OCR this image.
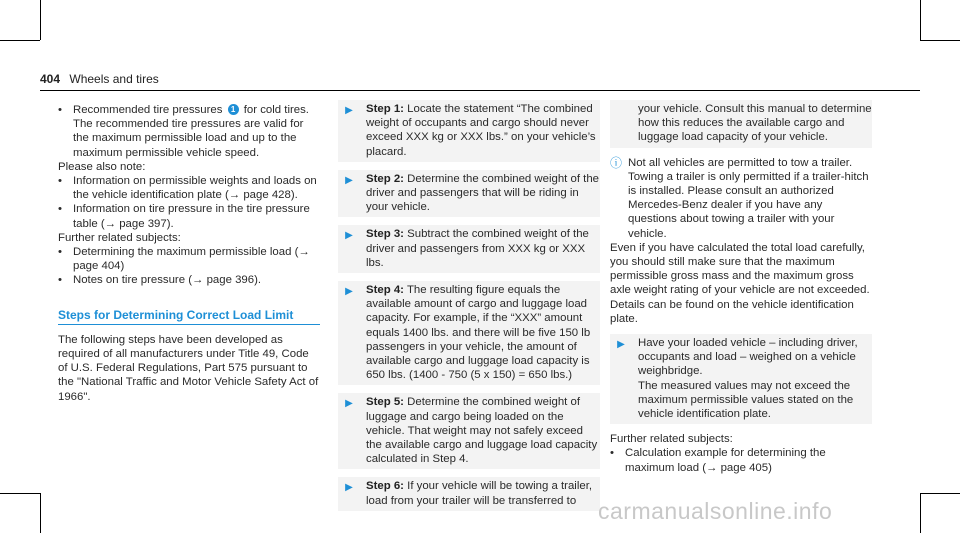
404 Wheels and tires

• Recommended tire pressures 1 for cold tires. The recommended tire pressures are valid for the maximum permissible load and up to the maximum permissible vehicle speed.

Please also note:

• Information on permissible weights and loads on the vehicle identification plate (→ page 428).

• Information on tire pressure in the tire pressure table (→ page 397).

Further related subjects:

• Determining the maximum permissible load (→ page 404)

• Notes on tire pressure (→ page 396).

Steps for Determining Correct Load Limit

The following steps have been developed as required of all manufacturers under Title 49, Code of U.S. Federal Regulations, Part 575 pursuant to the "National Traffic and Motor Vehicle Safety Act of 1966".

▶	Step 1: Locate the statement “The combined weight of occupants and cargo should never exceed XXX kg or XXX lbs.” on your vehicle’s placard.
▶	Step 2: Determine the combined weight of the driver and passengers that will be riding in your vehicle.
▶	Step 3: Subtract the combined weight of the driver and passengers from XXX kg or XXX lbs.
▶	Step 4: The resulting figure equals the available amount of cargo and luggage load capacity. For example, if the “XXX” amount equals 1400 lbs. and there will be five 150 lb passengers in your vehicle, the amount of available cargo and luggage load capacity is 650 lbs. (1400 - 750 (5 x 150) = 650 lbs.)
▶	Step 5: Determine the combined weight of luggage and cargo being loaded on the vehicle. That weight may not safely exceed the available cargo and luggage load capacity calculated in Step 4.
▶	Step 6: If your vehicle will be towing a trailer, load from your trailer will be transferred to
your vehicle. Consult this manual to determine how this reduces the available cargo and luggage load capacity of your vehicle.
ⓘ Not all vehicles are permitted to tow a trailer. Towing a trailer is only permitted if a trailer-hitch is installed. Please consult an authorized Mercedes-Benz dealer if you have any questions about towing a trailer with your vehicle.

Even if you have calculated the total load carefully, you should still make sure that the maximum permissible gross mass and the maximum gross axle weight rating of your vehicle are not exceeded. Details can be found on the vehicle identification plate.

▶	Have your loaded vehicle – including driver, occupants and load – weighed on a vehicle weighbridge.
The measured values may not exceed the maximum permissible values stated on the vehicle identification plate.

Further related subjects:

• Calculation example for determining the maximum load (→ page 405)

carmanualsonline.info
